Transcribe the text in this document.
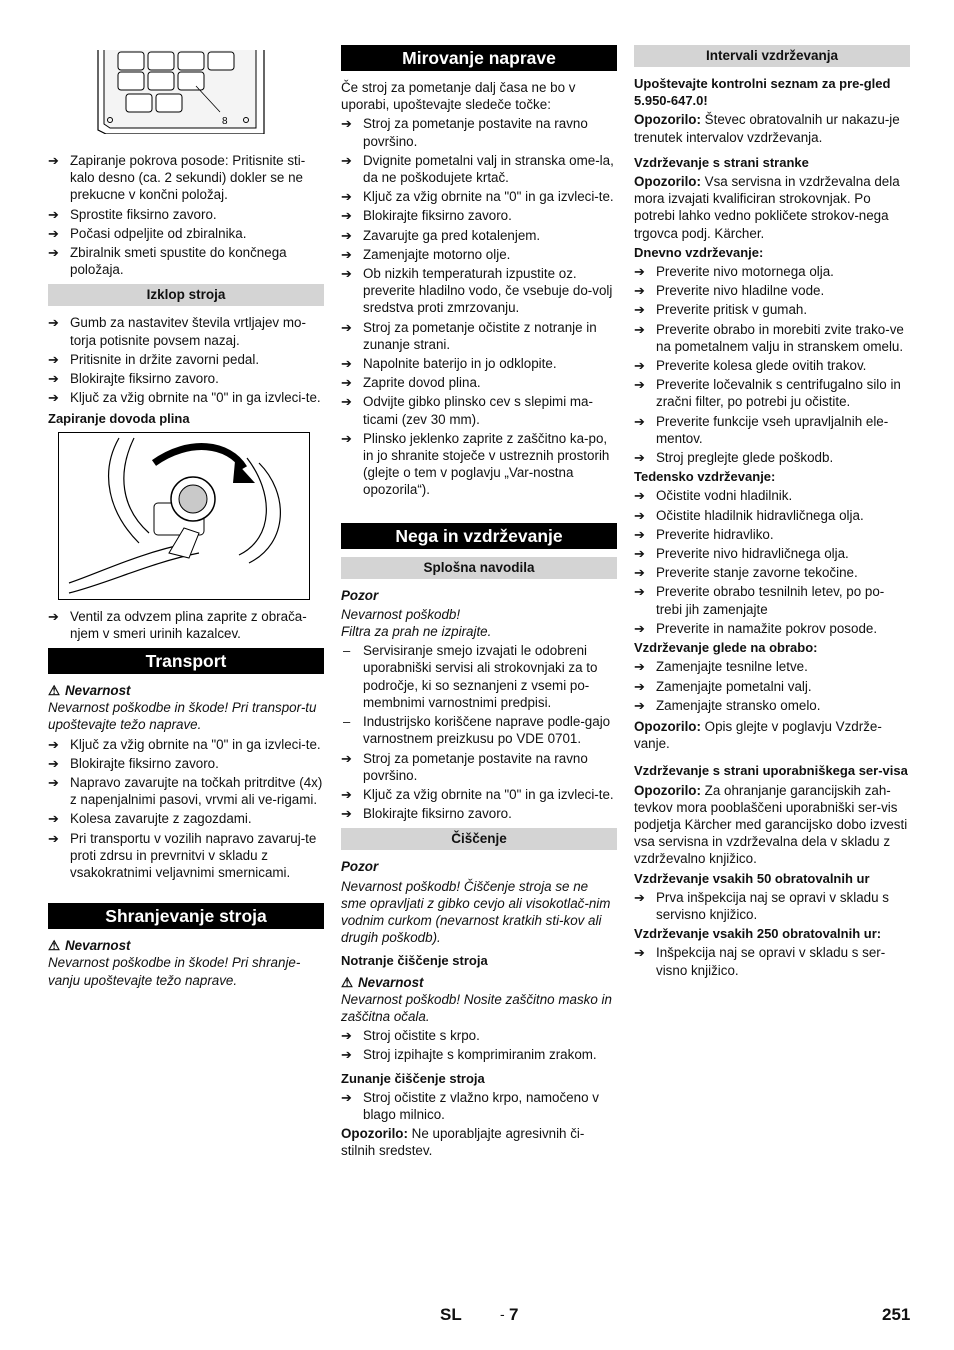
8
➔ Zapiranje pokrova posode: Pritisnite sti-kalo desno (ca. 2 sekundi) dokler se ne prekucne v končni položaj.
➔ Sprostite fiksirno zavoro.
➔ Počasi odpeljite od zbiralnika.
➔ Zbiralnik smeti spustite do končnega položaja.
Izklop stroja
➔ Gumb za nastavitev števila vrtljajev mo-torja potisnite povsem nazaj.
➔ Pritisnite in držite zavorni pedal.
➔ Blokirajte fiksirno zavoro.
➔ Ključ za vžig obrnite na "0" in ga izvleci-te.
Zapiranje dovoda plina
➔ Ventil za odvzem plina zaprite z obrača-njem v smeri urinih kazalcev.
Transport
⚠ Nevarnost
Nevarnost poškodbe in škode! Pri transpor-tu upoštevajte težo naprave.
➔ Ključ za vžig obrnite na "0" in ga izvleci-te.
➔ Blokirajte fiksirno zavoro.
➔ Napravo zavarujte na točkah pritrditve (4x) z napenjalnimi pasovi, vrvmi ali ve-rigami.
➔ Kolesa zavarujte z zagozdami.
➔ Pri transportu v vozilih napravo zavaruj-te proti zdrsu in prevrnitvi v skladu z vsakokratnimi veljavnimi smernicami.
Shranjevanje stroja
⚠ Nevarnost
Nevarnost poškodbe in škode! Pri shranje-vanju upoštevajte težo naprave.
Mirovanje naprave
Če stroj za pometanje dalj časa ne bo v uporabi, upoštevajte sledeče točke:
➔ Stroj za pometanje postavite na ravno površino.
➔ Dvignite pometalni valj in stranska ome-la, da ne poškodujete krtač.
➔ Ključ za vžig obrnite na "0" in ga izvleci-te.
➔ Blokirajte fiksirno zavoro.
➔ Zavarujte ga pred kotalenjem.
➔ Zamenjajte motorno olje.
➔ Ob nizkih temperaturah izpustite oz. preverite hladilno vodo, če vsebuje do-volj sredstva proti zmrzovanju.
➔ Stroj za pometanje očistite z notranje in zunanje strani.
➔ Napolnite baterijo in jo odklopite.
➔ Zaprite dovod plina.
➔ Odvijte gibko plinsko cev s slepimi ma-ticami (zev 30 mm).
➔ Plinsko jeklenko zaprite z zaščitno ka-po, in jo shranite stoječe v ustreznih prostorih (glejte o tem v poglavju „Var-nostna opozorila“).
Nega in vzdrževanje
Splošna navodila
Pozor
Nevarnost poškodb!
Filtra za prah ne izpirajte.
– Servisiranje smejo izvajati le odobreni uporabniški servisi ali strokovnjaki za to področje, ki so seznanjeni z vsemi po-membnimi varnostnimi predpisi.
– Industrijsko koriščene naprave podle-gajo varnostnem preizkusu po VDE 0701.
➔ Stroj za pometanje postavite na ravno površino.
➔ Ključ za vžig obrnite na "0" in ga izvleci-te.
➔ Blokirajte fiksirno zavoro.
Čiščenje
Pozor
Nevarnost poškodb! Čiščenje stroja se ne sme opravljati z gibko cevjo ali visokotlač-nim vodnim curkom (nevarnost kratkih sti-kov ali drugih poškodb).
Notranje čiščenje stroja
⚠ Nevarnost
Nevarnost poškodb! Nosite zaščitno masko in zaščitna očala.
➔ Stroj očistite s krpo.
➔ Stroj izpihajte s komprimiranim zrakom.
Zunanje čiščenje stroja
➔ Stroj očistite z vlažno krpo, namočeno v blago milnico.
Opozorilo: Ne uporabljajte agresivnih či-stilnih sredstev.
Intervali vzdrževanja
Upoštevajte kontrolni seznam za pre-gled 5.950-647.0!
Opozorilo: Števec obratovalnih ur nakazu-je trenutek intervalov vzdrževanja.
Vzdrževanje s strani stranke
Opozorilo: Vsa servisna in vzdrževalna dela mora izvajati kvalificiran strokovnjak. Po potrebi lahko vedno pokličete strokov-nega trgovca podj. Kärcher.
Dnevno vzdrževanje:
➔ Preverite nivo motornega olja.
➔ Preverite nivo hladilne vode.
➔ Preverite pritisk v gumah.
➔ Preverite obrabo in morebiti zvite trako-ve na pometalnem valju in stranskem omelu.
➔ Preverite kolesa glede ovitih trakov.
➔ Preverite ločevalnik s centrifugalno silo in zračni filter, po potrebi ju očistite.
➔ Preverite funkcije vseh upravljalnih ele-mentov.
➔ Stroj preglejte glede poškodb.
Tedensko vzdrževanje:
➔ Očistite vodni hladilnik.
➔ Očistite hladilnik hidravličnega olja.
➔ Preverite hidravliko.
➔ Preverite nivo hidravličnega olja.
➔ Preverite stanje zavorne tekočine.
➔ Preverite obrabo tesnilnih letev, po po-trebi jih zamenjajte
➔ Preverite in namažite pokrov posode.
Vzdrževanje glede na obrabo:
➔ Zamenjajte tesnilne letve.
➔ Zamenjajte pometalni valj.
➔ Zamenjajte stransko omelo.
Opozorilo: Opis glejte v poglavju Vzdrže-vanje.
Vzdrževanje s strani uporabniškega ser-visa
Opozorilo: Za ohranjanje garancijskih zah-tevkov mora pooblaščeni uporabniški ser-vis podjetja Kärcher med garancijsko dobo izvesti vsa servisna in vzdrževalna dela v skladu z vzdrževalno knjižico.
Vzdrževanje vsakih 50 obratovalnih ur
➔ Prva inšpekcija naj se opravi v skladu s servisno knjižico.
Vzdrževanje vsakih 250 obratovalnih ur:
➔ Inšpekcija naj se opravi v skladu s ser-visno knjižico.
SL	- 7	251
